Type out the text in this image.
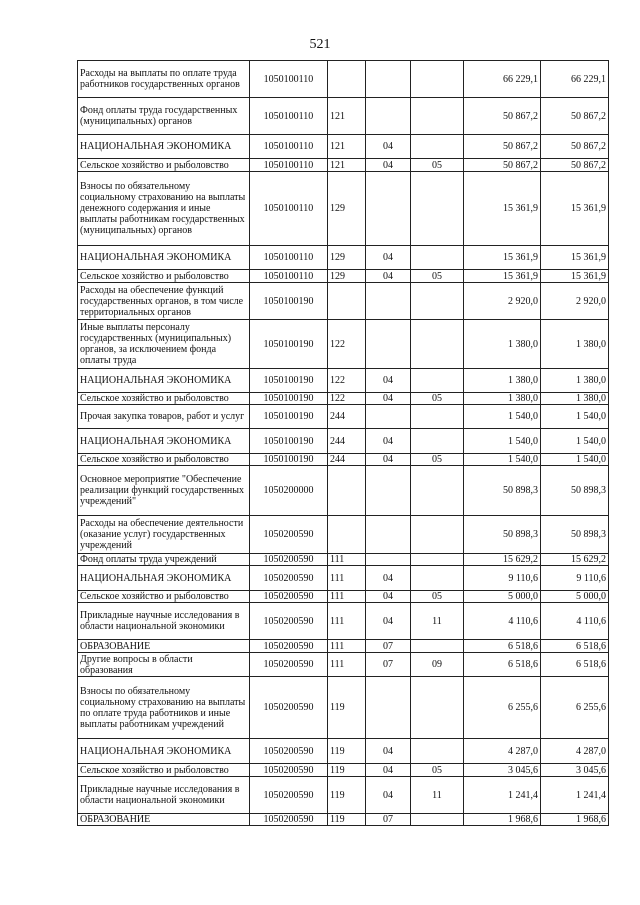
521
Расходы на выплаты по оплате труда работников государственных органов	1050100110				66 229,1	66 229,1
Фонд оплаты труда государственных (муниципальных) органов	1050100110	121			50 867,2	50 867,2
НАЦИОНАЛЬНАЯ ЭКОНОМИКА	1050100110	121	04		50 867,2	50 867,2
Сельское хозяйство и рыболовство	1050100110	121	04	05	50 867,2	50 867,2
Взносы по обязательному социальному страхованию на выплаты денежного содержания и иные выплаты работникам государственных (муниципальных) органов	1050100110	129			15 361,9	15 361,9
НАЦИОНАЛЬНАЯ ЭКОНОМИКА	1050100110	129	04		15 361,9	15 361,9
Сельское хозяйство и рыболовство	1050100110	129	04	05	15 361,9	15 361,9
Расходы на обеспечение функций государственных органов, в том числе территориальных органов	1050100190				2 920,0	2 920,0
Иные выплаты персоналу государственных (муниципальных) органов, за исключением фонда оплаты труда	1050100190	122			1 380,0	1 380,0
НАЦИОНАЛЬНАЯ ЭКОНОМИКА	1050100190	122	04		1 380,0	1 380,0
Сельское хозяйство и рыболовство	1050100190	122	04	05	1 380,0	1 380,0
Прочая закупка товаров, работ и услуг	1050100190	244			1 540,0	1 540,0
НАЦИОНАЛЬНАЯ ЭКОНОМИКА	1050100190	244	04		1 540,0	1 540,0
Сельское хозяйство и рыболовство	1050100190	244	04	05	1 540,0	1 540,0
Основное мероприятие "Обеспечение реализации функций государственных учреждений"	1050200000				50 898,3	50 898,3
Расходы на обеспечение деятельности (оказание услуг) государственных учреждений	1050200590				50 898,3	50 898,3
Фонд оплаты труда учреждений	1050200590	111			15 629,2	15 629,2
НАЦИОНАЛЬНАЯ ЭКОНОМИКА	1050200590	111	04		9 110,6	9 110,6
Сельское хозяйство и рыболовство	1050200590	111	04	05	5 000,0	5 000,0
Прикладные научные исследования в области национальной экономики	1050200590	111	04	11	4 110,6	4 110,6
ОБРАЗОВАНИЕ	1050200590	111	07		6 518,6	6 518,6
Другие вопросы в области образования	1050200590	111	07	09	6 518,6	6 518,6
Взносы по обязательному социальному страхованию на выплаты по оплате труда работников и иные выплаты работникам учреждений	1050200590	119			6 255,6	6 255,6
НАЦИОНАЛЬНАЯ ЭКОНОМИКА	1050200590	119	04		4 287,0	4 287,0
Сельское хозяйство и рыболовство	1050200590	119	04	05	3 045,6	3 045,6
Прикладные научные исследования в области национальной экономики	1050200590	119	04	11	1 241,4	1 241,4
ОБРАЗОВАНИЕ	1050200590	119	07		1 968,6	1 968,6
